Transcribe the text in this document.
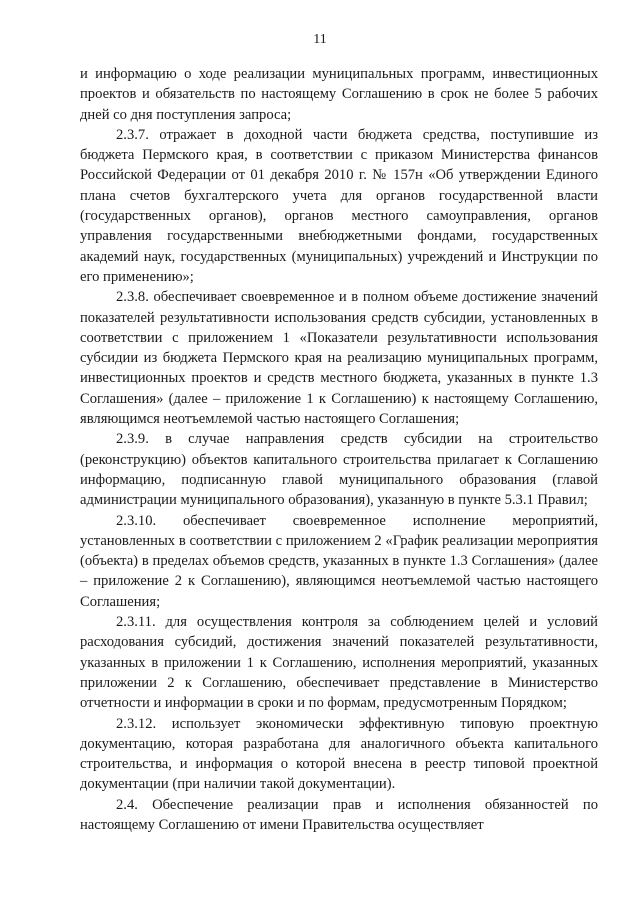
11

и информацию о ходе реализации муниципальных программ, инвестиционных проектов и обязательств по настоящему Соглашению в срок не более 5 рабочих дней со дня поступления запроса;

2.3.7. отражает в доходной части бюджета средства, поступившие из бюджета Пермского края, в соответствии с приказом Министерства финансов Российской Федерации от 01 декабря 2010 г. № 157н «Об утверждении Единого плана счетов бухгалтерского учета для органов государственной власти (государственных органов), органов местного самоуправления, органов управления государственными внебюджетными фондами, государственных академий наук, государственных (муниципальных) учреждений и Инструкции по его применению»;

2.3.8. обеспечивает своевременное и в полном объеме достижение значений показателей результативности использования средств субсидии, установленных в соответствии с приложением 1 «Показатели результативности использования субсидии из бюджета Пермского края на реализацию муниципальных программ, инвестиционных проектов и средств местного бюджета, указанных в пункте 1.3 Соглашения» (далее – приложение 1 к Соглашению) к настоящему Соглашению, являющимся неотъемлемой частью настоящего Соглашения;

2.3.9. в случае направления средств субсидии на строительство (реконструкцию) объектов капитального строительства прилагает к Соглашению информацию, подписанную главой муниципального образования (главой администрации муниципального образования), указанную в пункте 5.3.1 Правил;

2.3.10. обеспечивает своевременное исполнение мероприятий, установленных в соответствии с приложением 2 «График реализации мероприятия (объекта) в пределах объемов средств, указанных в пункте 1.3 Соглашения» (далее – приложение 2 к Соглашению), являющимся неотъемлемой частью настоящего Соглашения;

2.3.11. для осуществления контроля за соблюдением целей и условий расходования субсидий, достижения значений показателей результативности, указанных в приложении 1 к Соглашению, исполнения мероприятий, указанных приложении 2 к Соглашению, обеспечивает представление в Министерство отчетности и информации в сроки и по формам, предусмотренным Порядком;

2.3.12. использует экономически эффективную типовую проектную документацию, которая разработана для аналогичного объекта капитального строительства, и информация о которой внесена в реестр типовой проектной документации (при наличии такой документации).

2.4. Обеспечение реализации прав и исполнения обязанностей по настоящему Соглашению от имени Правительства осуществляет
